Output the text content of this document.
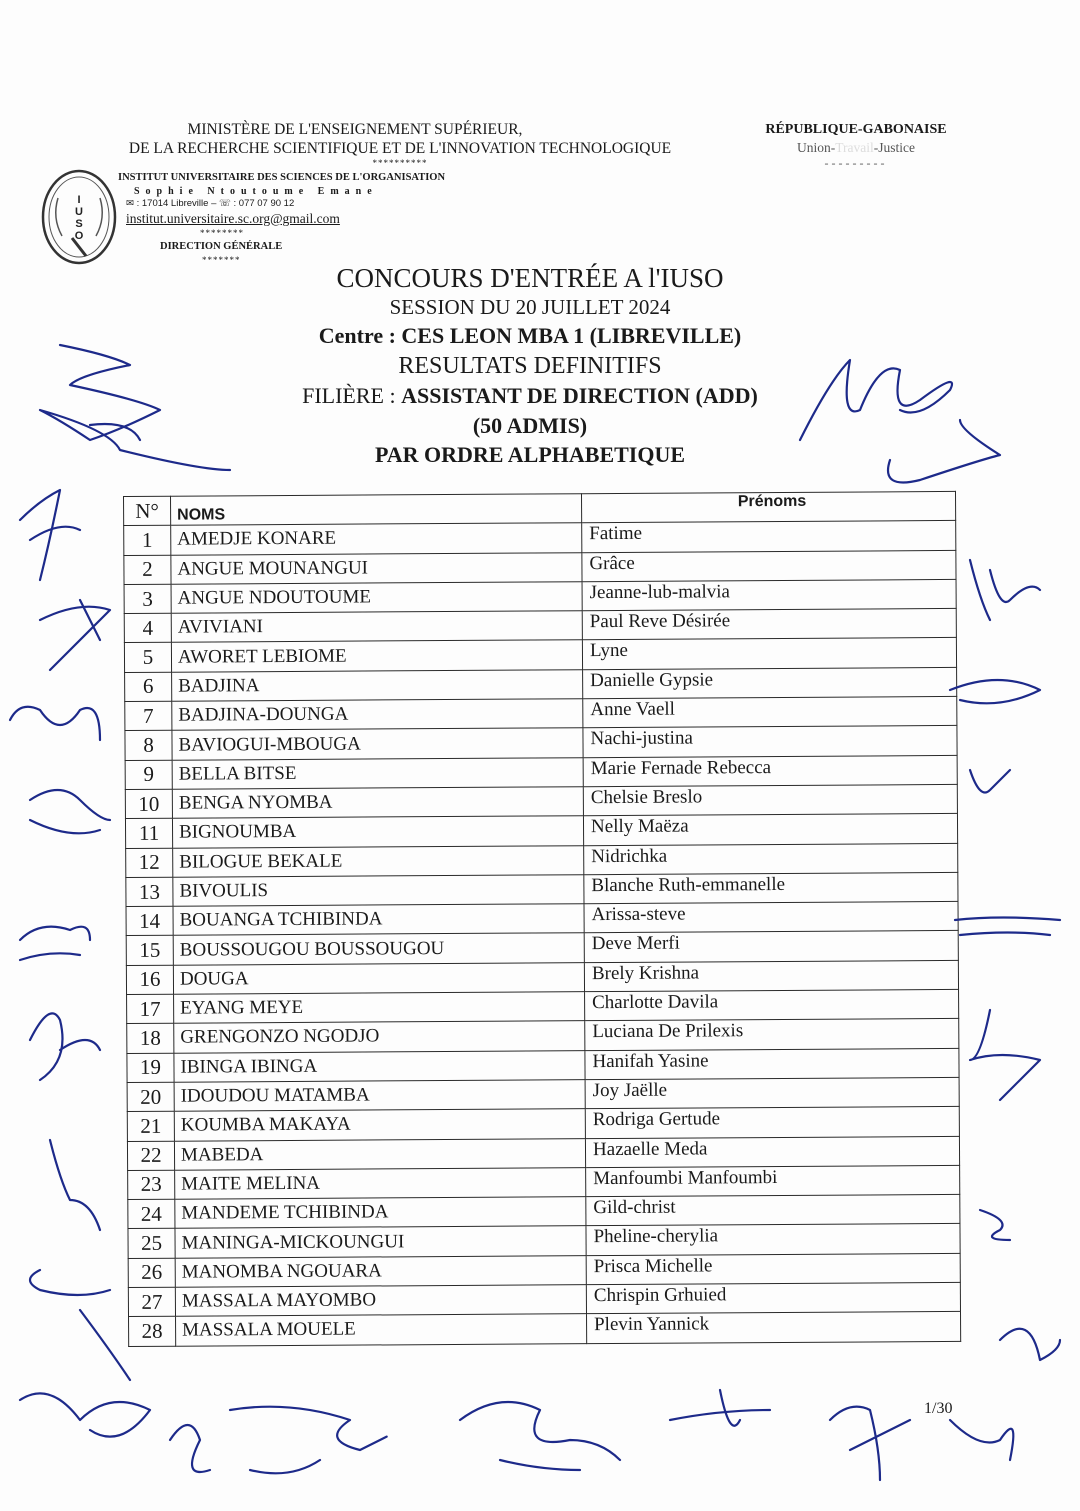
MINISTÈRE DE L'ENSEIGNEMENT SUPÉRIEUR,
DE LA RECHERCHE SCIENTIFIQUE ET DE L'INNOVATION TECHNOLOGIQUE
**********
I
U
S
O
INSTITUT UNIVERSITAIRE DES SCIENCES DE L'ORGANISATION
Sophie Ntoutoume Emane
✉ : 17014 Libreville – ☏ : 077 07 90 12
institut.universitaire.sc.org@gmail.com
********
DIRECTION GÉNÉRALE
*******
RÉPUBLIQUE-GABONAISE
Union-Travail-Justice
---------
CONCOURS D'ENTRÉE A l'IUSO
SESSION DU 20 JUILLET 2024
Centre : CES LEON MBA 1 (LIBREVILLE)
RESULTATS DEFINITIFS
FILIÈRE : ASSISTANT DE DIRECTION (ADD)
(50 ADMIS)
PAR ORDRE ALPHABETIQUE
N°	NOMS	Prénoms
1	AMEDJE KONARE	Fatime
2	ANGUE MOUNANGUI	Grâce
3	ANGUE NDOUTOUME	Jeanne-lub-malvia
4	AVIVIANI	Paul Reve Désirée
5	AWORET LEBIOME	Lyne
6	BADJINA	Danielle Gypsie
7	BADJINA-DOUNGA	Anne Vaell
8	BAVIOGUI-MBOUGA	Nachi-justina
9	BELLA BITSE	Marie Fernade Rebecca
10	BENGA NYOMBA	Chelsie Breslo
11	BIGNOUMBA	Nelly Maëza
12	BILOGUE BEKALE	Nidrichka
13	BIVOULIS	Blanche Ruth-emmanelle
14	BOUANGA TCHIBINDA	Arissa-steve
15	BOUSSOUGOU BOUSSOUGOU	Deve Merfi
16	DOUGA	Brely Krishna
17	EYANG MEYE	Charlotte Davila
18	GRENGONZO NGODJO	Luciana De Prilexis
19	IBINGA IBINGA	Hanifah Yasine
20	IDOUDOU MATAMBA	Joy Jaëlle
21	KOUMBA MAKAYA	Rodriga Gertude
22	MABEDA	Hazaelle Meda
23	MAITE MELINA	Manfoumbi Manfoumbi
24	MANDEME TCHIBINDA	Gild-christ
25	MANINGA-MICKOUNGUI	Pheline-cherylia
26	MANOMBA NGOUARA	Prisca Michelle
27	MASSALA MAYOMBO	Chrispin Grhuied
28	MASSALA MOUELE	Plevin Yannick
1/30
